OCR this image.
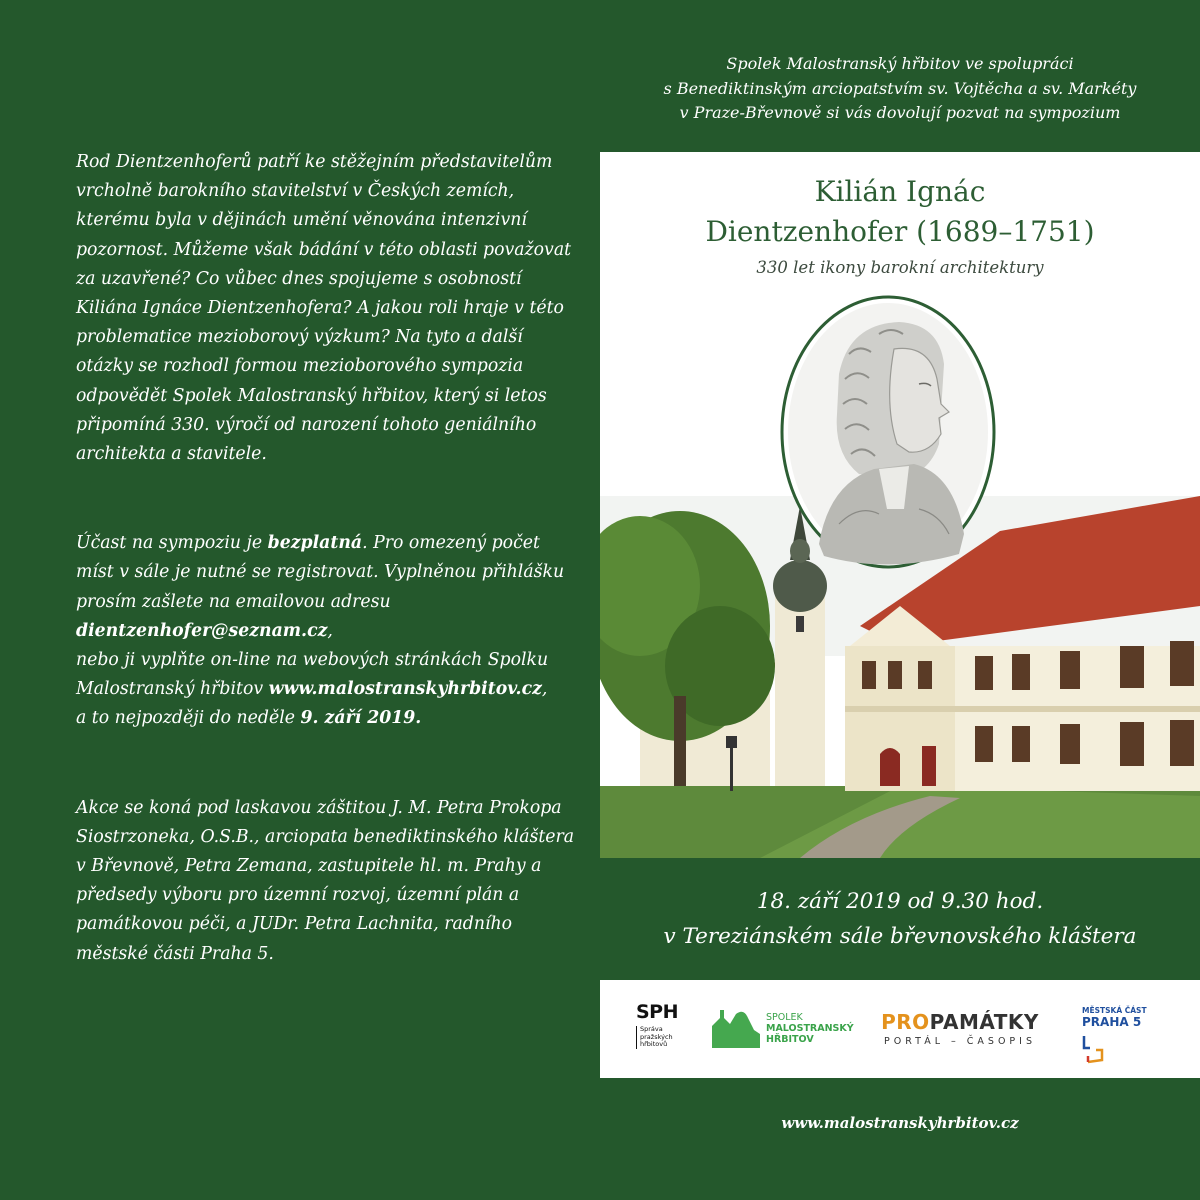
Rod Dientzenhoferů patří ke stěžejním představitelům vrcholně barokního stavitelství v Českých zemích, kterému byla v dějinách umění věnována intenzivní pozornost. Můžeme však bádání v této oblasti považovat za uzavřené? Co vůbec dnes spojujeme s osobností Kiliána Ignáce Dientzenhofera? A jakou roli hraje v této problematice mezioborový výzkum? Na tyto a další otázky se rozhodl formou mezioborového sympozia odpovědět Spolek Malostranský hřbitov, který si letos připomíná 330. výročí od narození tohoto geniálního architekta a stavitele.

Účast na sympoziu je bezplatná. Pro omezený počet míst v sále je nutné se registrovat. Vyplněnou přihlášku prosím zašlete na emailovou adresu
dientzenhofer@seznam.cz,
nebo ji vyplňte on-line na webových stránkách Spolku Malostranský hřbitov www.malostranskyhrbitov.cz,
a to nejpozději do neděle 9. září 2019.

Akce se koná pod laskavou záštitou J. M. Petra Prokopa Siostrzoneka, O.S.B., arciopata benediktinského kláštera v Břevnově, Petra Zemana, zastupitele hl. m. Prahy a předsedy výboru pro územní rozvoj, územní plán a památkovou péči, a JUDr. Petra Lachnita, radního městské části Praha 5.

Spolek Malostranský hřbitov ve spolupráci
s Benediktinským arciopatstvím sv. Vojtěcha a sv. Markéty
v Praze-Břevnově si vás dovolují pozvat na sympozium
Kilián Ignác
Dientzenhofer (1689–1751)
330 let ikony barokní architektury
18. září 2019 od 9.30 hod.
v Tereziánském sále břevnovského kláštera
SPH
Správa
pražských
hřbitovů
SPOLEK
MALOSTRANSKÝ
HŘBITOV
PROPAMÁTKY
PORTÁL – ČASOPIS
MĚSTSKÁ ČÁST
PRAHA 5
www.malostranskyhrbitov.cz
